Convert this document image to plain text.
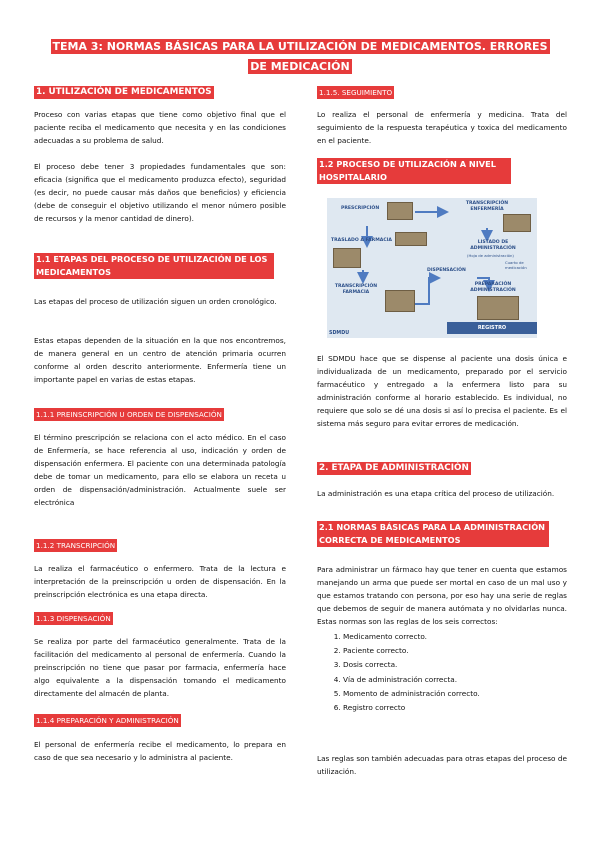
TEMA 3: NORMAS BÁSICAS PARA LA UTILIZACIÓN DE MEDICAMENTOS. ERRORES DE MEDICACIÓN
1. UTILIZACIÓN DE MEDICAMENTOS
Proceso con varias etapas que tiene como objetivo final que el paciente reciba el medicamento que necesita y en las condiciones adecuadas a su problema de salud.
El proceso debe tener 3 propiedades fundamentales que son: eficacia (significa que el medicamento produzca efecto), seguridad (es decir, no puede causar más daños que beneficios) y eficiencia (debe de conseguir el objetivo utilizando el menor número posible de recursos y la menor cantidad de dinero).
1.1 ETAPAS DEL PROCESO DE UTILIZACIÓN DE LOS MEDICAMENTOS
Las etapas del proceso de utilización siguen un orden cronológico.
Estas etapas dependen de la situación en la que nos encontremos, de manera general en un centro de atención primaria ocurren conforme al orden descrito anteriormente. Enfermería tiene un importante papel en varias de estas etapas.
1.1.1 PREINSCRIPCIÓN U ORDEN DE DISPENSACIÓN
El término prescripción se relaciona con el acto médico. En el caso de Enfermería, se hace referencia al uso, indicación y orden de dispensación enfermera. El paciente con una determinada patología debe de tomar un medicamento, para ello se elabora un receta u orden de dispensación/administración. Actualmente suele ser electrónica
1.1.2 TRANSCRIPCIÓN
La realiza el farmacéutico o enfermero. Trata de la lectura e interpretación de la preinscripción u orden de dispensación. En la preinscripción electrónica es una etapa directa.
1.1.3 DISPENSACIÓN
Se realiza por parte del farmacéutico generalmente. Trata de la facilitación del medicamento al personal de enfermería. Cuando la preinscripción no tiene que pasar por farmacia, enfermería hace algo equivalente a la dispensación tomando el medicamento directamente del almacén de planta.
1.1.4 PREPARACIÓN Y ADMINISTRACIÓN
El personal de enfermería recibe el medicamento, lo prepara en caso de que sea necesario y lo administra al paciente.
1.1.5. SEGUIMIENTO
Lo realiza el personal de enfermería y medicina. Trata del seguimiento de la respuesta terapéutica y toxica del medicamento en el paciente.
1.2 PROCESO DE UTILIZACIÓN A NIVEL HOSPITALARIO
PRESCRIPCIÓN
TRANSCRIPCIÓN ENFERMERÍA
TRASLADO A FARMACIA	LISTADO DE ADMINISTRACIÓN
(Hoja de administración)
Cuarto de medicación
DISPENSACIÓN
TRANSCRIPCIÓN FARMACIA
PREPARACIÓN ADMINISTRACIÓN
SDMDU
REGISTRO
El SDMDU hace que se dispense al paciente una dosis única e individualizada de un medicamento, preparado por el servicio farmacéutico y entregado a la enfermera listo para su administración conforme al horario establecido. Es individual, no requiere que solo se dé una dosis si así lo precisa el paciente. Es el sistema más seguro para evitar errores de medicación.
2. ETAPA DE ADMINISTRACIÓN
La administración es una etapa crítica del proceso de utilización.
2.1 NORMAS BÁSICAS PARA LA ADMINISTRACIÓN CORRECTA DE MEDICAMENTOS
Para administrar un fármaco hay que tener en cuenta que estamos manejando un arma que puede ser mortal en caso de un mal uso y que estamos tratando con persona, por eso hay una serie de reglas que debemos de seguir de manera autómata y no olvidarlas nunca. Estas normas son las reglas de los seis correctos:
1. Medicamento correcto.
2. Paciente correcto.
3. Dosis correcta.
4. Vía de administración correcta.
5. Momento de administración correcto.
6. Registro correcto
Las reglas son también adecuadas para otras etapas del proceso de utilización.
